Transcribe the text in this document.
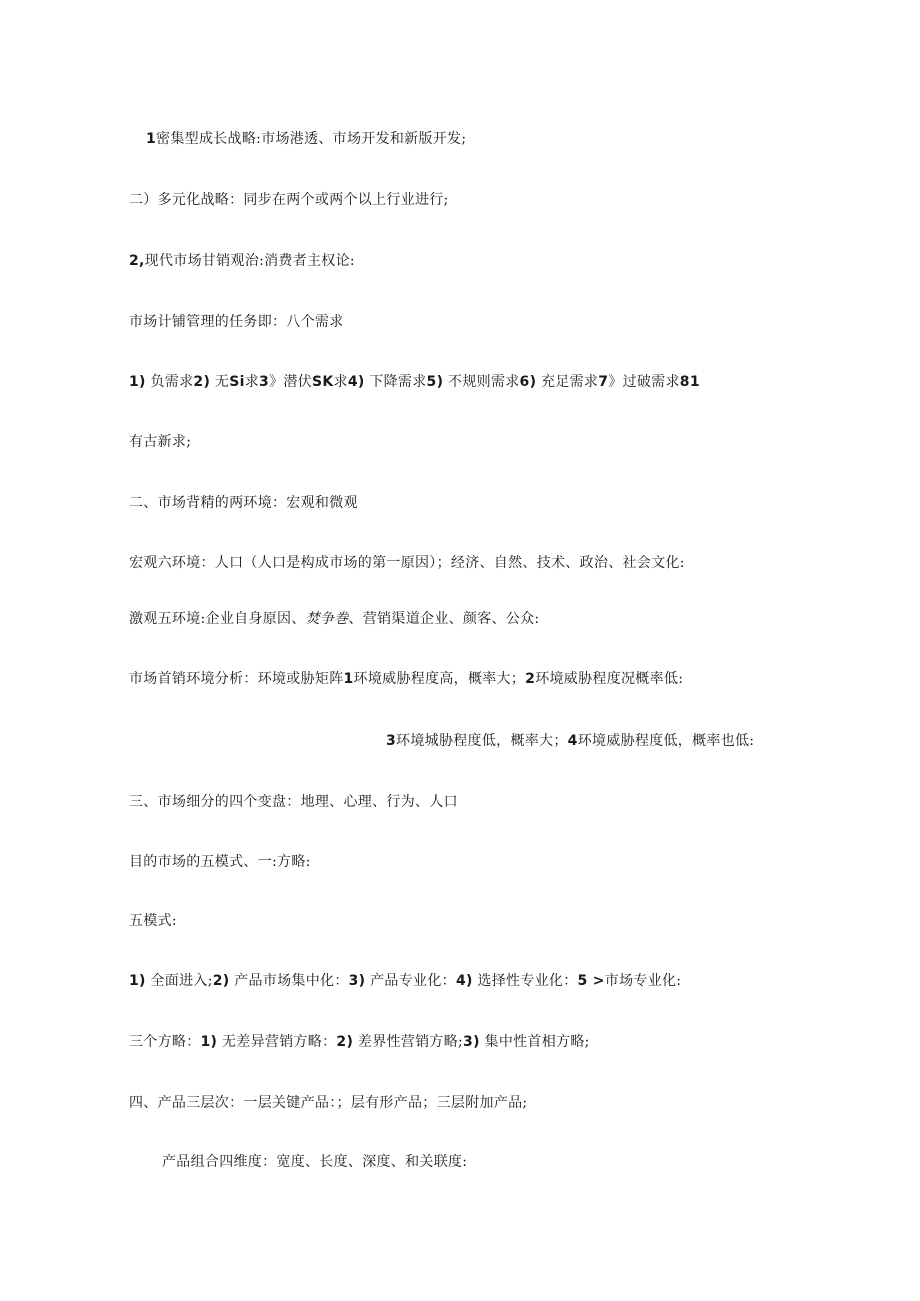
1密集型成长战略:市场港透、市场开发和新版开发;
二）多元化战略：同步在两个或两个以上行业进行;
2,现代市场甘销观治:消费者主权论:
市场计铺管理的任务即：八个需求
1) 负需求2) 无Si求3》潜伏SK求4) 下降需求5) 不规则需求6) 充足需求7》过破需求81
有古新求;
二、市场背精的两环境：宏观和微观
宏观六环境：人口（人口是构成市场的第一原因）；经济、自然、技术、政治、社会文化:
激观五环境:企业自身原因、焚争巻、营销渠道企业、颜客、公众:
市场首销环境分析：环境或胁矩阵1环境威胁程度高，概率大；2环境威胁程度况概率低:
3环境城胁程度低，概率大；4环境威胁程度低，概率也低:
三、市场细分的四个变盘：地理、心理、行为、人口
目的市场的五模式、一:方略:
五模式:
1) 全面进入;2) 产品市场集中化：3) 产品专业化：4) 选择性专业化：5 >市场专业化:
三个方略：1) 无差异营销方略：2) 差界性营销方略;3) 集中性首相方略;
四、产品三层次：一层关键产品：；层有形产品；三层附加产品;
产品组合四维度：宽度、长度、深度、和关联度:
